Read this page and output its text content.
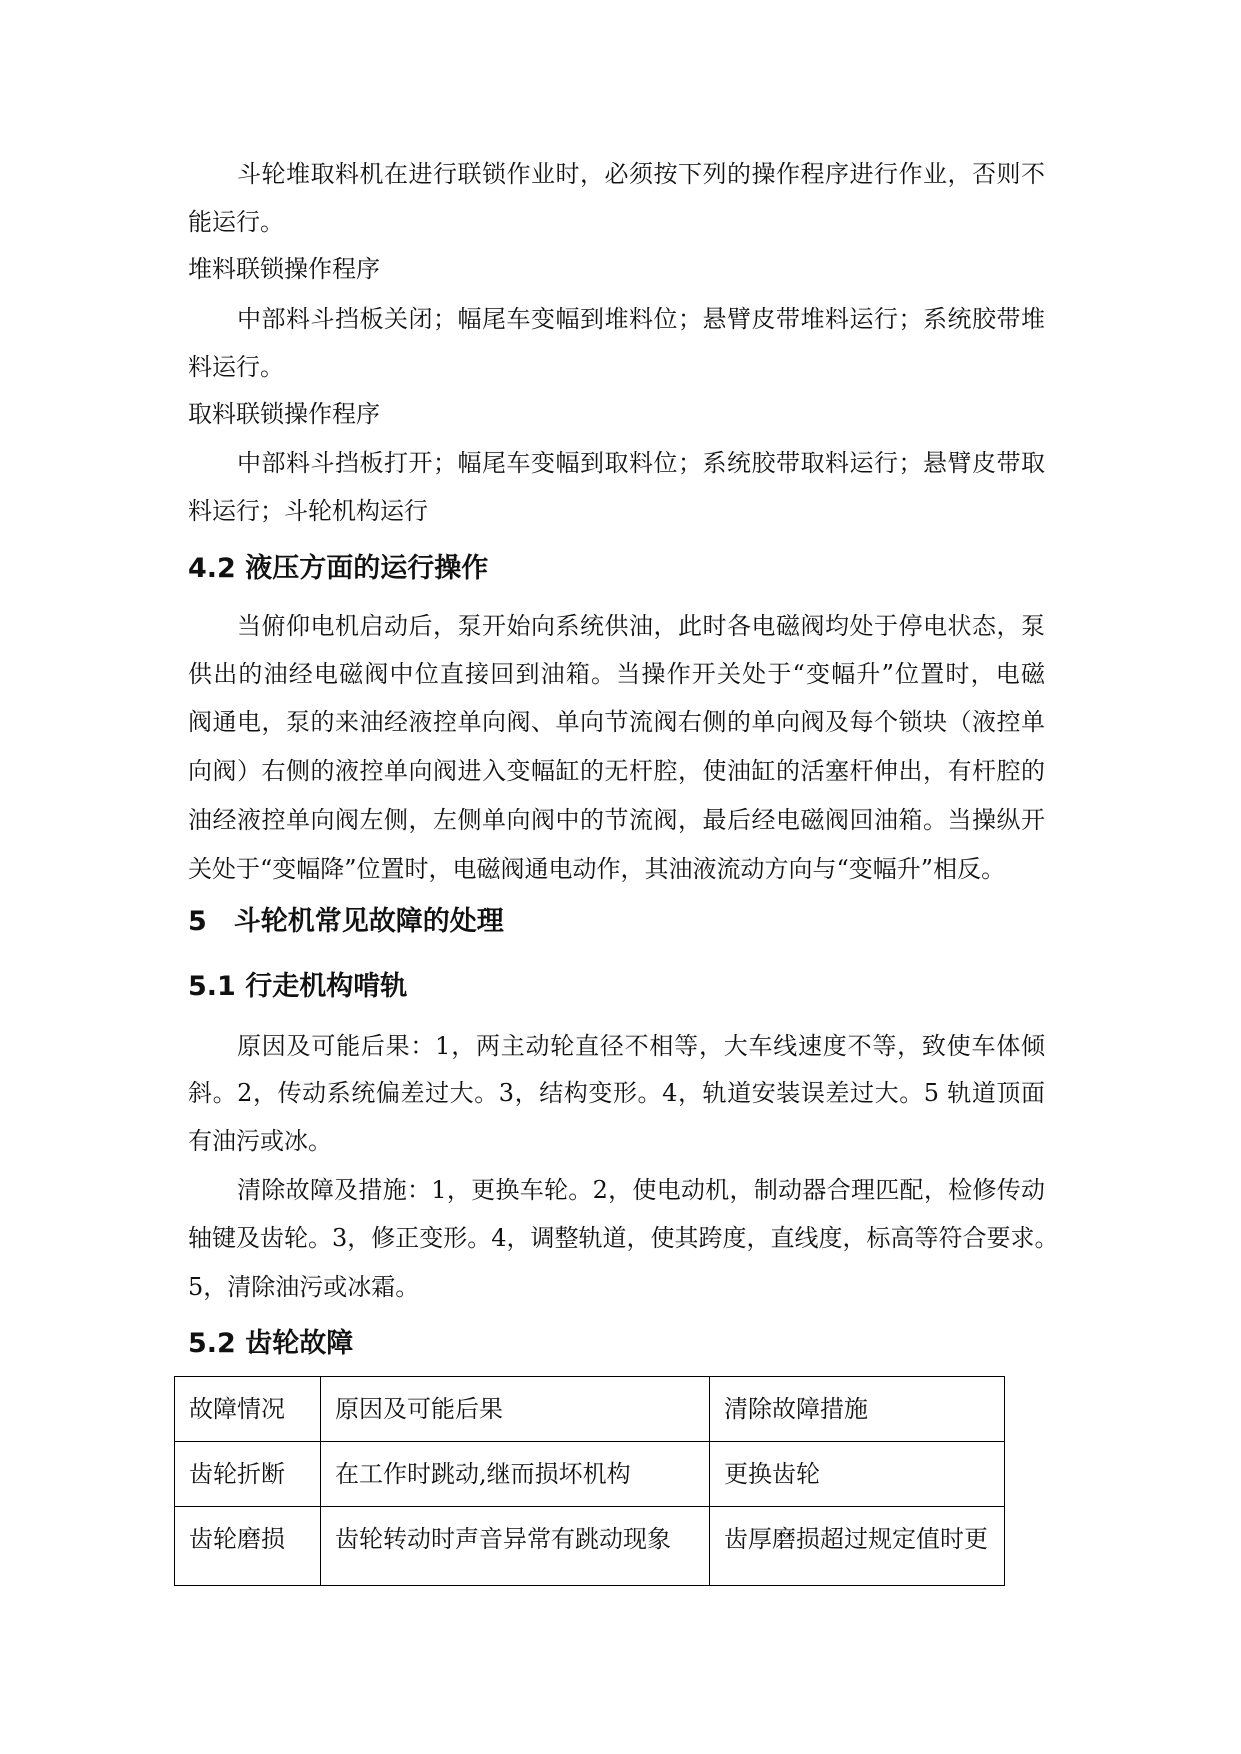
斗轮堆取料机在进行联锁作业时，必须按下列的操作程序进行作业，否则不
能运行。
堆料联锁操作程序
中部料斗挡板关闭；幅尾车变幅到堆料位；悬臂皮带堆料运行；系统胶带堆
料运行。
取料联锁操作程序
中部料斗挡板打开；幅尾车变幅到取料位；系统胶带取料运行；悬臂皮带取
料运行；斗轮机构运行
4.2 液压方面的运行操作
当俯仰电机启动后，泵开始向系统供油，此时各电磁阀均处于停电状态，泵
供出的油经电磁阀中位直接回到油箱。当操作开关处于“变幅升”位置时，电磁
阀通电，泵的来油经液控单向阀、单向节流阀右侧的单向阀及每个锁块（液控单
向阀）右侧的液控单向阀进入变幅缸的无杆腔，使油缸的活塞杆伸出，有杆腔的
油经液控单向阀左侧，左侧单向阀中的节流阀，最后经电磁阀回油箱。当操纵开
关处于“变幅降”位置时，电磁阀通电动作，其油液流动方向与“变幅升”相反。
5　斗轮机常见故障的处理
5.1 行走机构啃轨
原因及可能后果：1，两主动轮直径不相等，大车线速度不等，致使车体倾
斜。2，传动系统偏差过大。3，结构变形。4，轨道安装误差过大。5 轨道顶面
有油污或冰。
清除故障及措施：1，更换车轮。2，使电动机，制动器合理匹配，检修传动
轴键及齿轮。3，修正变形。4，调整轨道，使其跨度，直线度，标高等符合要求。
5，清除油污或冰霜。
5.2 齿轮故障
故障情况	原因及可能后果	清除故障措施
齿轮折断	在工作时跳动,继而损坏机构	更换齿轮
齿轮磨损	齿轮转动时声音异常有跳动现象	齿厚磨损超过规定值时更
